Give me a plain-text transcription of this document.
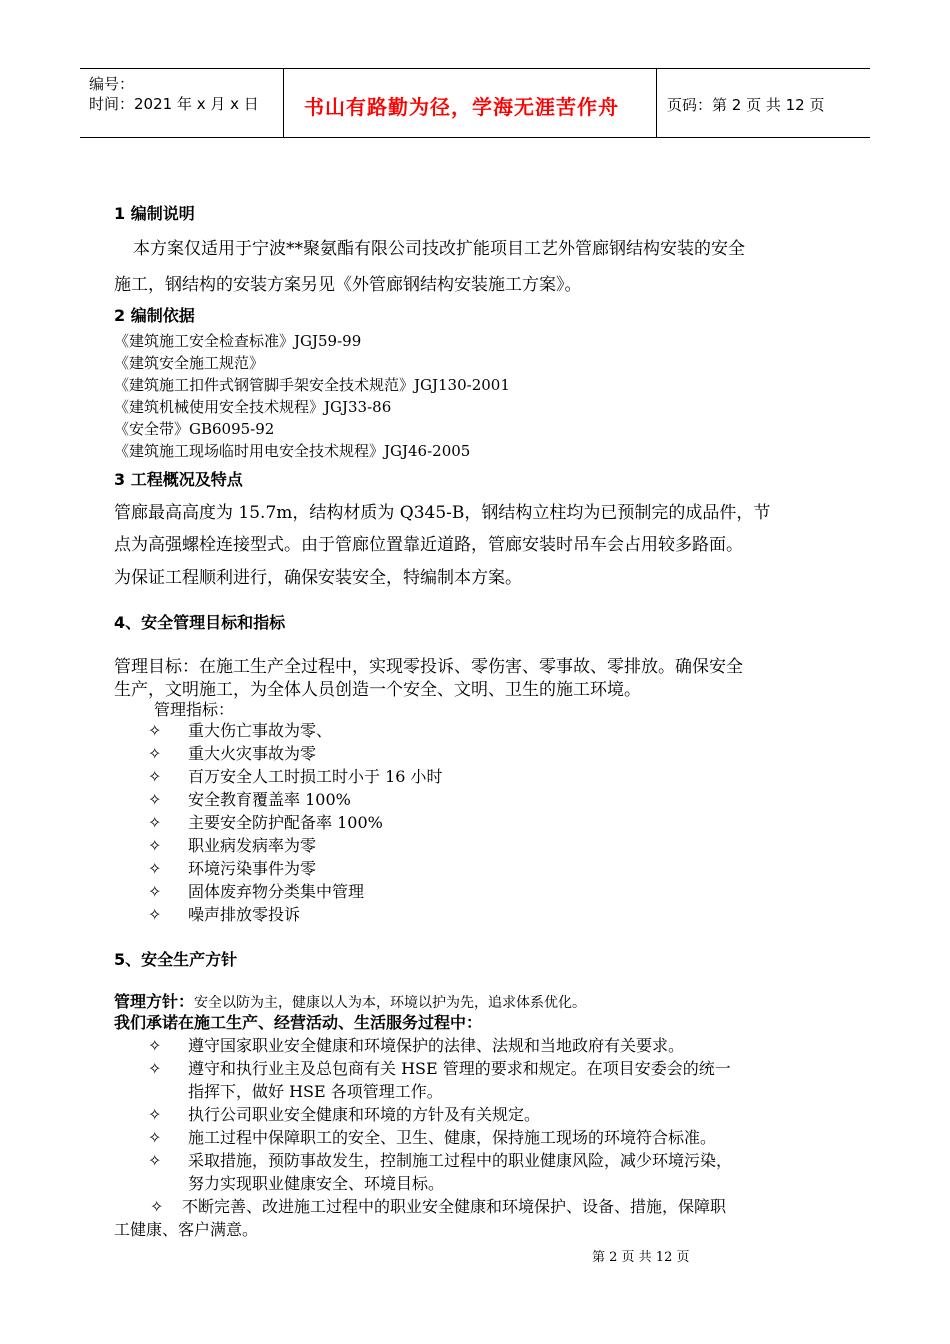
编号：
时间：2021 年 x 月 x 日 书山有路勤为径，学海无涯苦作舟	页码：第 2 页 共 12 页
1 编制说明
本方案仅适用于宁波**聚氨酯有限公司技改扩能项目工艺外管廊钢结构安装的安全
施工，钢结构的安装方案另见《外管廊钢结构安装施工方案》。
2 编制依据
《建筑施工安全检查标准》JGJ59-99
《建筑安全施工规范》
《建筑施工扣件式钢管脚手架安全技术规范》JGJ130-2001
《建筑机械使用安全技术规程》JGJ33-86
《安全带》GB6095-92
《建筑施工现场临时用电安全技术规程》JGJ46-2005
3 工程概况及特点
管廊最高高度为 15.7m，结构材质为 Q345-B，钢结构立柱均为已预制完的成品件，节
点为高强螺栓连接型式。由于管廊位置靠近道路，管廊安装时吊车会占用较多路面。
为保证工程顺利进行，确保安装安全，特编制本方案。
4、安全管理目标和指标
管理目标：在施工生产全过程中，实现零投诉、零伤害、零事故、零排放。确保安全
生产，文明施工，为全体人员创造一个安全、文明、卫生的施工环境。
管理指标：
✧ 重大伤亡事故为零、
✧ 重大火灾事故为零
✧ 百万安全人工时损工时小于 16 小时
✧ 安全教育覆盖率 100%
✧ 主要安全防护配备率 100%
✧ 职业病发病率为零
✧ 环境污染事件为零
✧ 固体废弃物分类集中管理
✧ 噪声排放零投诉
5、安全生产方针
管理方针：安全以防为主，健康以人为本，环境以护为先，追求体系优化。
我们承诺在施工生产、经营活动、生活服务过程中：
✧ 遵守国家职业安全健康和环境保护的法律、法规和当地政府有关要求。
✧ 遵守和执行业主及总包商有关 HSE 管理的要求和规定。在项目安委会的统一
指挥下，做好 HSE 各项管理工作。
✧ 执行公司职业安全健康和环境的方针及有关规定。
✧ 施工过程中保障职工的安全、卫生、健康，保持施工现场的环境符合标准。
✧ 采取措施，预防事故发生，控制施工过程中的职业健康风险，减少环境污染，
努力实现职业健康安全、环境目标。
✧ 不断完善、改进施工过程中的职业安全健康和环境保护、设备、措施，保障职
工健康、客户满意。
第 2 页 共 12 页
